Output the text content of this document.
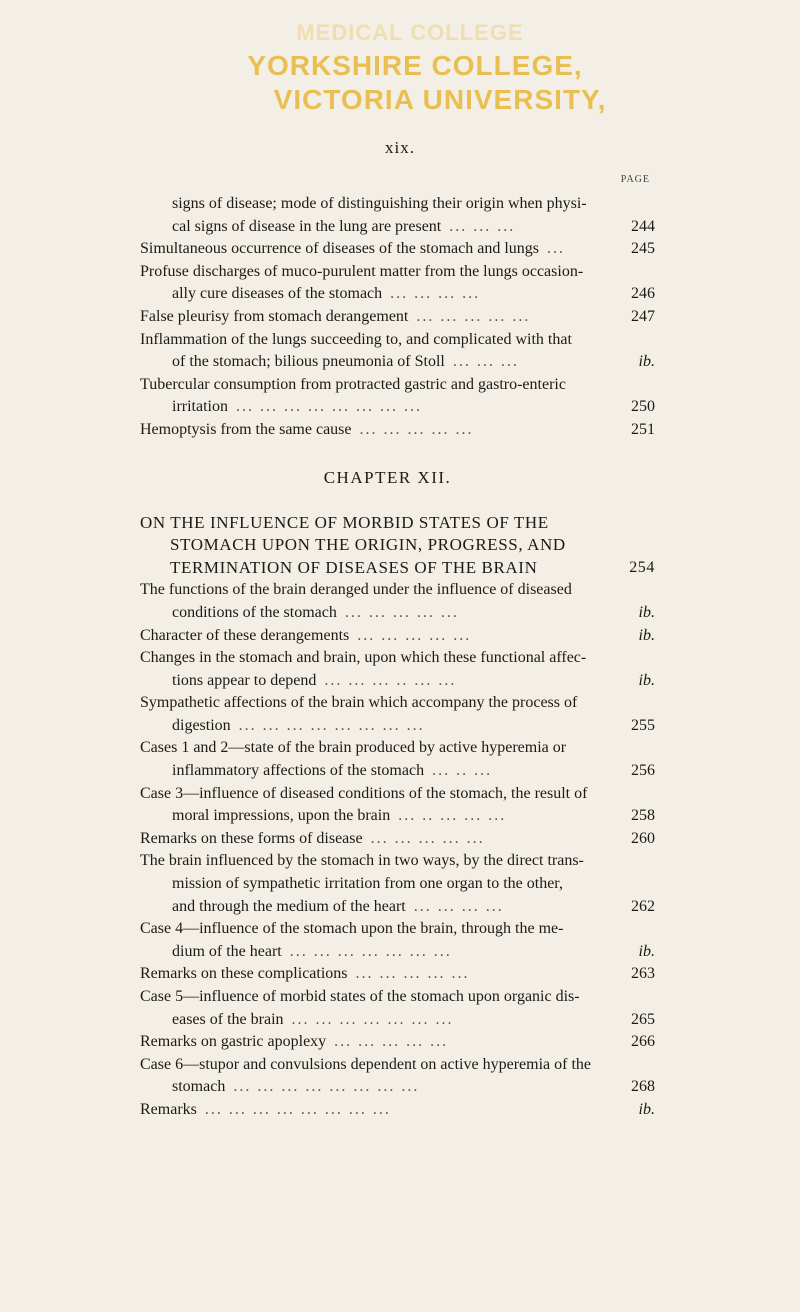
MEDICAL COLLEGE
YORKSHIRE COLLEGE,
VICTORIA UNIVERSITY,
xix.
PAGE
signs of disease; mode of distinguishing their origin when physi-
cal signs of disease in the lung are present ... ... ...	244
Simultaneous occurrence of diseases of the stomach and lungs ...	245
Profuse discharges of muco-purulent matter from the lungs occasion-
ally cure diseases of the stomach ... ... ... ...	246
False pleurisy from stomach derangement ... ... ... ... ...	247
Inflammation of the lungs succeeding to, and complicated with that
of the stomach; bilious pneumonia of Stoll ... ... ...	ib.
Tubercular consumption from protracted gastric and gastro-enteric
irritation ... ... ... ... ... ... ... ...	250
Hemoptysis from the same cause ... ... ... ... ...	251
CHAPTER XII.
ON THE INFLUENCE OF MORBID STATES OF THE
STOMACH UPON THE ORIGIN, PROGRESS, AND
TERMINATION OF DISEASES OF THE BRAIN	254
The functions of the brain deranged under the influence of diseased
conditions of the stomach ... ... ... ... ...	ib.
Character of these derangements ... ... ... ... ...	ib.
Changes in the stomach and brain, upon which these functional affec-
tions appear to depend ... ... ... .. ... ...	ib.
Sympathetic affections of the brain which accompany the process of
digestion ... ... ... ... ... ... ... ...	255
Cases 1 and 2—state of the brain produced by active hyperemia or
inflammatory affections of the stomach ... .. ...	256
Case 3—influence of diseased conditions of the stomach, the result of
moral impressions, upon the brain ... .. ... ... ...	258
Remarks on these forms of disease ... ... ... ... ...	260
The brain influenced by the stomach in two ways, by the direct trans-
mission of sympathetic irritation from one organ to the other,
and through the medium of the heart ... ... ... ...	262
Case 4—influence of the stomach upon the brain, through the me-
dium of the heart ... ... ... ... ... ... ...	ib.
Remarks on these complications ... ... ... ... ...	263
Case 5—influence of morbid states of the stomach upon organic dis-
eases of the brain ... ... ... ... ... ... ...	265
Remarks on gastric apoplexy ... ... ... ... ...	266
Case 6—stupor and convulsions dependent on active hyperemia of the
stomach ... ... ... ... ... ... ... ...	268
Remarks ... ... ... ... ... ... ... ...	ib.
